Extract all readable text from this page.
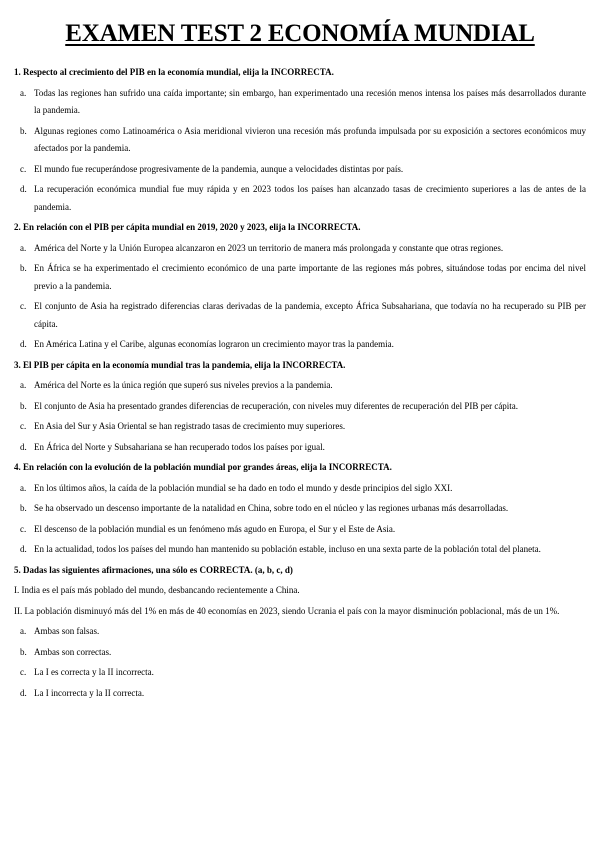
EXAMEN TEST 2 ECONOMÍA MUNDIAL
1. Respecto al crecimiento del PIB en la economía mundial, elija la INCORRECTA.
a. Todas las regiones han sufrido una caída importante; sin embargo, han experimentado una recesión menos intensa los países más desarrollados durante la pandemia.
b. Algunas regiones como Latinoamérica o Asia meridional vivieron una recesión más profunda impulsada por su exposición a sectores económicos muy afectados por la pandemia.
c. El mundo fue recuperándose progresivamente de la pandemia, aunque a velocidades distintas por país.
d. La recuperación económica mundial fue muy rápida y en 2023 todos los países han alcanzado tasas de crecimiento superiores a las de antes de la pandemia.
2. En relación con el PIB per cápita mundial en 2019, 2020 y 2023, elija la INCORRECTA.
a. América del Norte y la Unión Europea alcanzaron en 2023 un territorio de manera más prolongada y constante que otras regiones.
b. En África se ha experimentado el crecimiento económico de una parte importante de las regiones más pobres, situándose todas por encima del nivel previo a la pandemia.
c. El conjunto de Asia ha registrado diferencias claras derivadas de la pandemia, excepto África Subsahariana, que todavía no ha recuperado su PIB per cápita.
d. En América Latina y el Caribe, algunas economías lograron un crecimiento mayor tras la pandemia.
3. El PIB per cápita en la economía mundial tras la pandemia, elija la INCORRECTA.
a. América del Norte es la única región que superó sus niveles previos a la pandemia.
b. El conjunto de Asia ha presentado grandes diferencias de recuperación, con niveles muy diferentes de recuperación del PIB per cápita.
c. En Asia del Sur y Asia Oriental se han registrado tasas de crecimiento muy superiores.
d. En África del Norte y Subsahariana se han recuperado todos los países por igual.
4. En relación con la evolución de la población mundial por grandes áreas, elija la INCORRECTA.
a. En los últimos años, la caída de la población mundial se ha dado en todo el mundo y desde principios del siglo XXI.
b. Se ha observado un descenso importante de la natalidad en China, sobre todo en el núcleo y las regiones urbanas más desarrolladas.
c. El descenso de la población mundial es un fenómeno más agudo en Europa, el Sur y el Este de Asia.
d. En la actualidad, todos los países del mundo han mantenido su población estable, incluso en una sexta parte de la población total del planeta.
5. Dadas las siguientes afirmaciones, una sólo es CORRECTA. (a, b, c, d)
I. India es el país más poblado del mundo, desbancando recientemente a China.
II. La población disminuyó más del 1% en más de 40 economías en 2023, siendo Ucrania el país con la mayor disminución poblacional, más de un 1%.
a. Ambas son falsas.
b. Ambas son correctas.
c. La I es correcta y la II incorrecta.
d. La I incorrecta y la II correcta.
